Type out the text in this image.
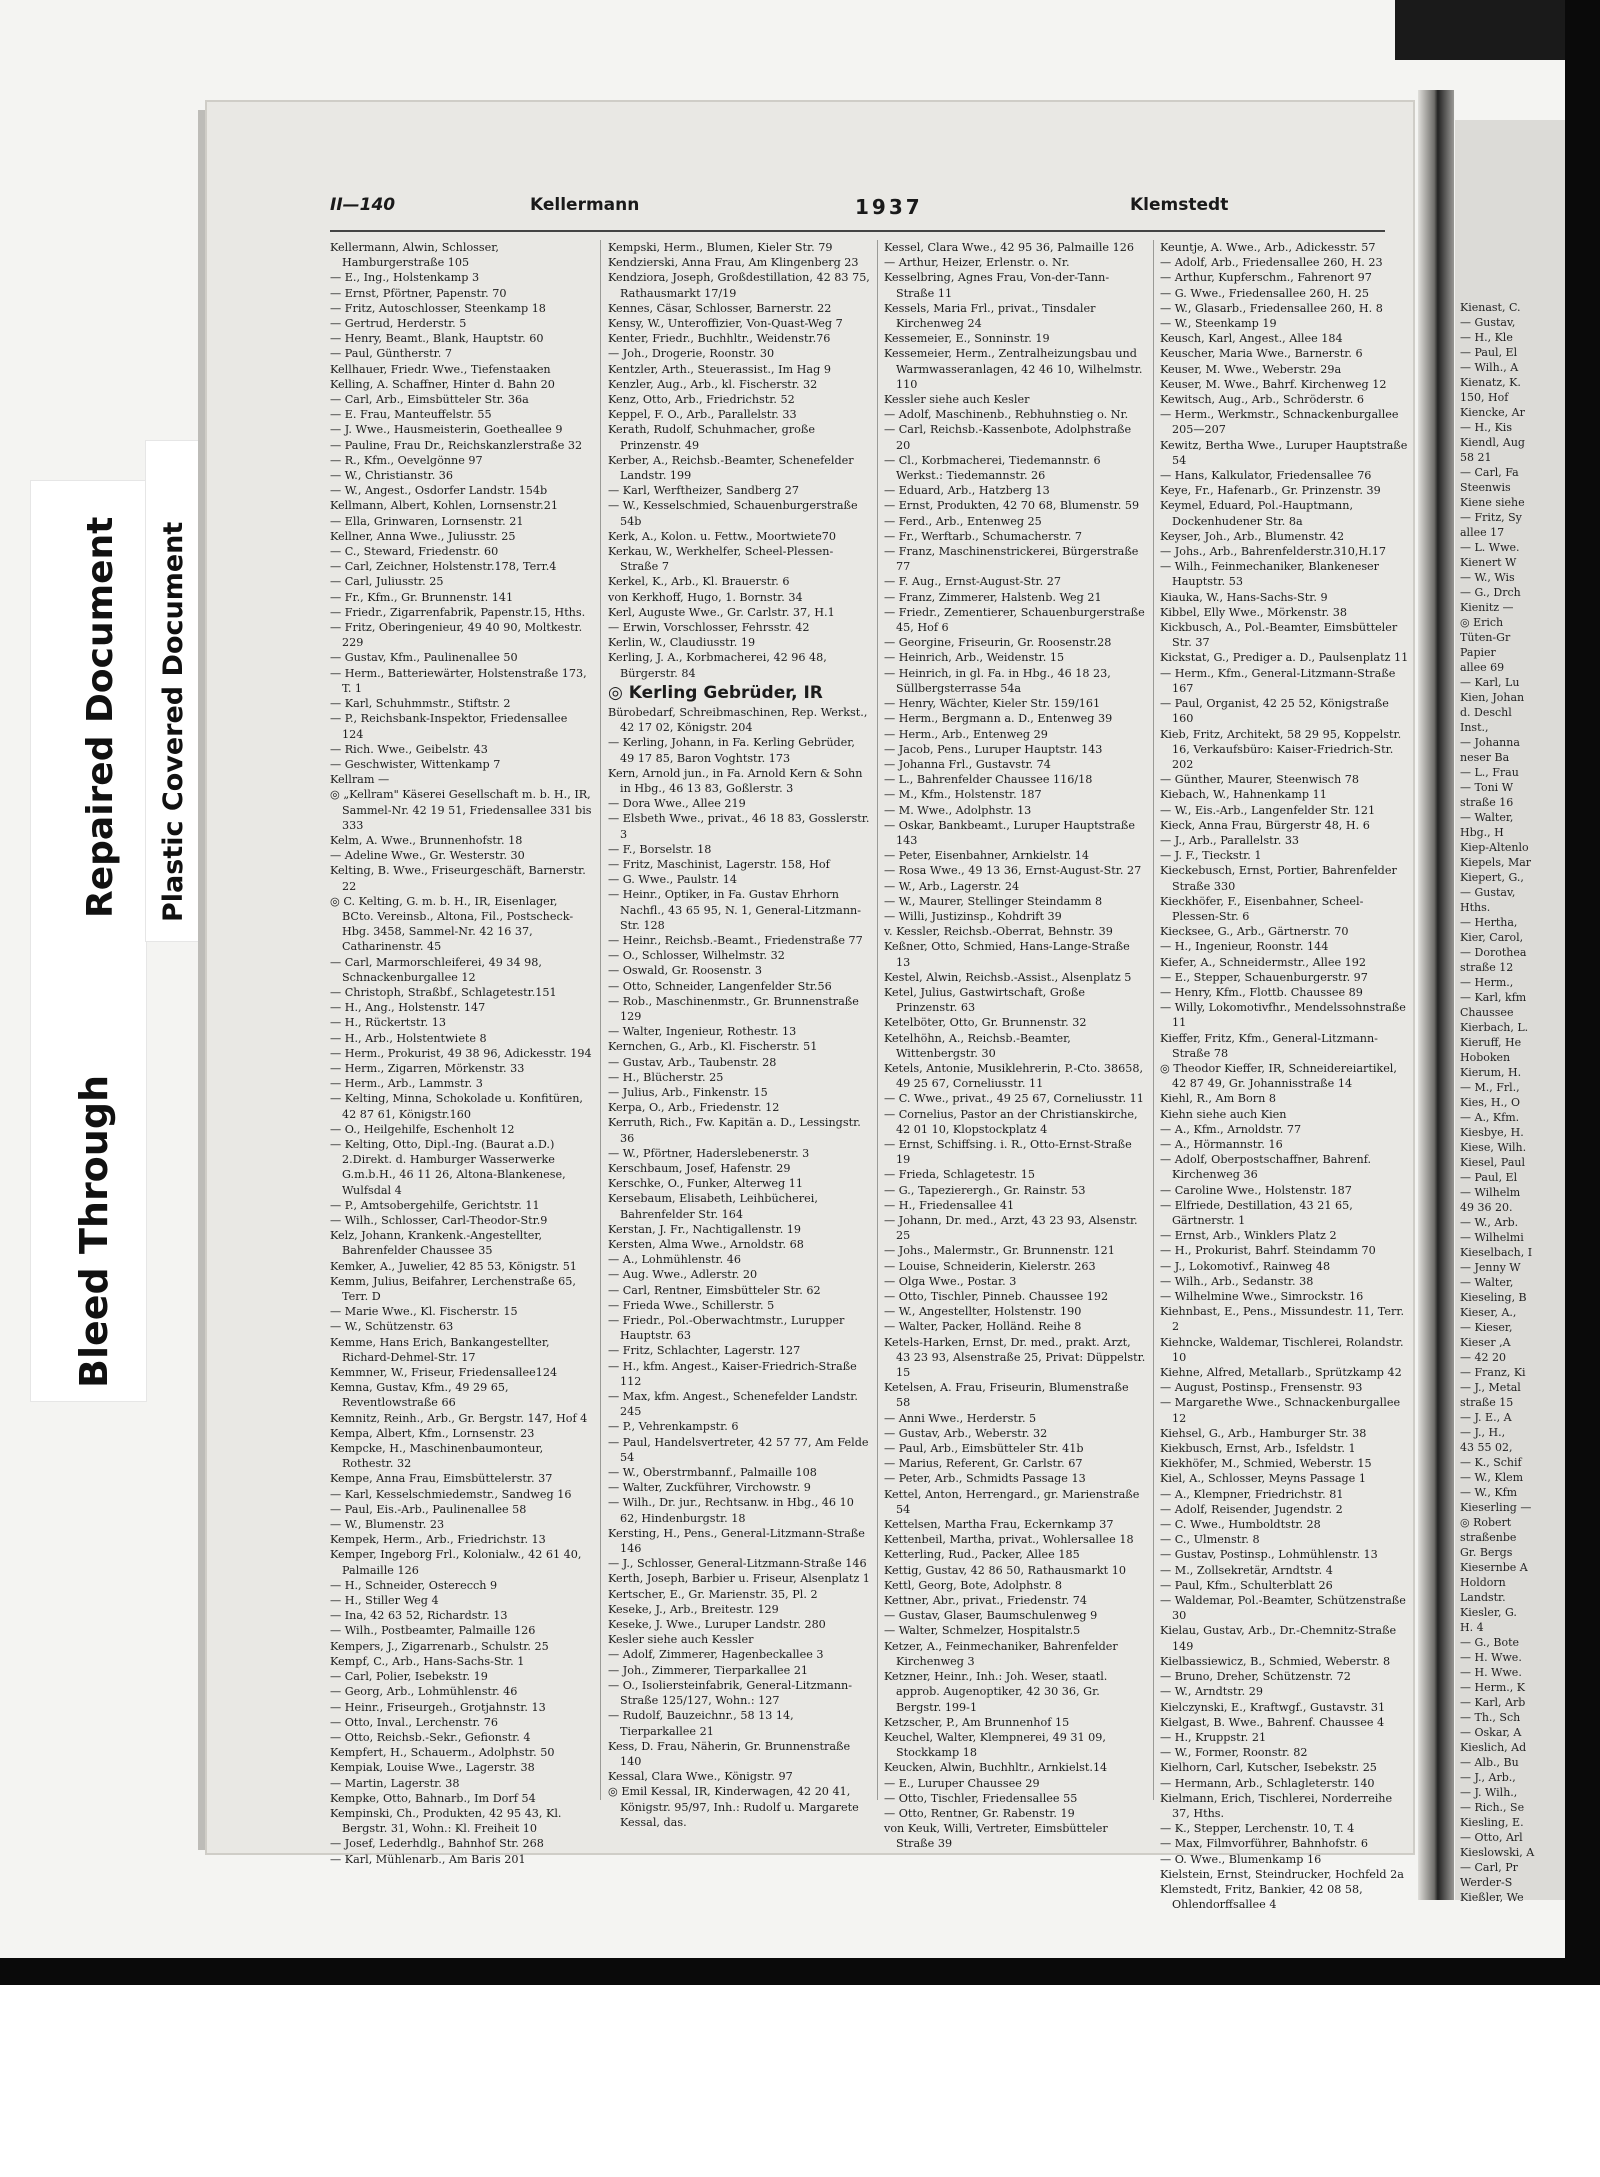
Repaired Document
Bleed Through
Plastic Covered Document
II—140	Kellermann	1937	Klemstedt

Kellermann, Alwin, Schlosser, Hamburgerstraße 105

— E., Ing., Holstenkamp 3

— Ernst, Pförtner, Papenstr. 70

— Fritz, Autoschlosser, Steenkamp 18

— Gertrud, Herderstr. 5

— Henry, Beamt., Blank, Hauptstr. 60

— Paul, Güntherstr. 7

Kellhauer, Friedr. Wwe., Tiefenstaaken

Kelling, A. Schaffner, Hinter d. Bahn 20

— Carl, Arb., Eimsbütteler Str. 36a

— E. Frau, Manteuffelstr. 55

— J. Wwe., Hausmeisterin, Goetheallee 9

— Pauline, Frau Dr., Reichskanzlerstraße 32

— R., Kfm., Oevelgönne 97

— W., Christianstr. 36

— W., Angest., Osdorfer Landstr. 154b

Kellmann, Albert, Kohlen, Lornsenstr.21

— Ella, Grinwaren, Lornsenstr. 21

Kellner, Anna Wwe., Juliusstr. 25

— C., Steward, Friedenstr. 60

— Carl, Zeichner, Holstenstr.178, Terr.4

— Carl, Juliusstr. 25

— Fr., Kfm., Gr. Brunnenstr. 141

— Friedr., Zigarrenfabrik, Papenstr.15, Hths.

— Fritz, Oberingenieur, 49 40 90, Moltkestr. 229

— Gustav, Kfm., Paulinenallee 50

— Herm., Batteriewärter, Holstenstraße 173, T. 1

— Karl, Schuhmmstr., Stiftstr. 2

— P., Reichsbank-Inspektor, Friedensallee 124

— Rich. Wwe., Geibelstr. 43

— Geschwister, Wittenkamp 7

Kellram —

◎ „Kellram" Käserei Gesellschaft m. b. H., IR, Sammel-Nr. 42 19 51, Friedensallee 331 bis 333

Kelm, A. Wwe., Brunnenhofstr. 18

— Adeline Wwe., Gr. Westerstr. 30

Kelting, B. Wwe., Friseurgeschäft, Barnerstr. 22

◎ C. Kelting, G. m. b. H., IR, Eisenlager, BCto. Vereinsb., Altona, Fil., Postscheck-Hbg. 3458, Sammel-Nr. 42 16 37, Catharinenstr. 45

— Carl, Marmorschleiferei, 49 34 98, Schnackenburgallee 12

— Christoph, Straßbf., Schlagetestr.151

— H., Ang., Holstenstr. 147

— H., Rückertstr. 13

— H., Arb., Holstentwiete 8

— Herm., Prokurist, 49 38 96, Adickesstr. 194

— Herm., Zigarren, Mörkenstr. 33

— Herm., Arb., Lammstr. 3

— Kelting, Minna, Schokolade u. Konfitüren, 42 87 61, Königstr.160

— O., Heilgehilfe, Eschenholt 12

— Kelting, Otto, Dipl.-Ing. (Baurat a.D.) 2.Direkt. d. Hamburger Wasserwerke G.m.b.H., 46 11 26, Altona-Blankenese, Wulfsdal 4

— P., Amtsobergehilfe, Gerichtstr. 11

— Wilh., Schlosser, Carl-Theodor-Str.9

Kelz, Johann, Krankenk.-Angestellter, Bahrenfelder Chaussee 35

Kemker, A., Juwelier, 42 85 53, Königstr. 51

Kemm, Julius, Beifahrer, Lerchenstraße 65, Terr. D

— Marie Wwe., Kl. Fischerstr. 15

— W., Schützenstr. 63

Kemme, Hans Erich, Bankangestellter, Richard-Dehmel-Str. 17

Kemmner, W., Friseur, Friedensallee124

Kemna, Gustav, Kfm., 49 29 65, Reventlowstraße 66

Kemnitz, Reinh., Arb., Gr. Bergstr. 147, Hof 4

Kempa, Albert, Kfm., Lornsenstr. 23

Kempcke, H., Maschinenbaumonteur, Rothestr. 32

Kempe, Anna Frau, Eimsbüttelerstr. 37

— Karl, Kesselschmiedemstr., Sandweg 16

— Paul, Eis.-Arb., Paulinenallee 58

— W., Blumenstr. 23

Kempek, Herm., Arb., Friedrichstr. 13

Kemper, Ingeborg Frl., Kolonialw., 42 61 40, Palmaille 126

— H., Schneider, Osterecch 9

— H., Stiller Weg 4

— Ina, 42 63 52, Richardstr. 13

— Wilh., Postbeamter, Palmaille 126

Kempers, J., Zigarrenarb., Schulstr. 25

Kempf, C., Arb., Hans-Sachs-Str. 1

— Carl, Polier, Isebekstr. 19

— Georg, Arb., Lohmühlenstr. 46

— Heinr., Friseurgeh., Grotjahnstr. 13

— Otto, Inval., Lerchenstr. 76

— Otto, Reichsb.-Sekr., Gefionstr. 4

Kempfert, H., Schauerm., Adolphstr. 50

Kempiak, Louise Wwe., Lagerstr. 38

— Martin, Lagerstr. 38

Kempke, Otto, Bahnarb., Im Dorf 54

Kempinski, Ch., Produkten, 42 95 43, Kl. Bergstr. 31, Wohn.: Kl. Freiheit 10

— Josef, Lederhdlg., Bahnhof Str. 268

— Karl, Mühlenarb., Am Baris 201

Kempski, Herm., Blumen, Kieler Str. 79

Kendzierski, Anna Frau, Am Klingenberg 23

Kendziora, Joseph, Großdestillation, 42 83 75, Rathausmarkt 17/19

Kennes, Cäsar, Schlosser, Barnerstr. 22

Kensy, W., Unteroffizier, Von-Quast-Weg 7

Kenter, Friedr., Buchhltr., Weidenstr.76

— Joh., Drogerie, Roonstr. 30

Kentzler, Arth., Steuerassist., Im Hag 9

Kenzler, Aug., Arb., kl. Fischerstr. 32

Kenz, Otto, Arb., Friedrichstr. 52

Keppel, F. O., Arb., Parallelstr. 33

Kerath, Rudolf, Schuhmacher, große Prinzenstr. 49

Kerber, A., Reichsb.-Beamter, Schenefelder Landstr. 199

— Karl, Werftheizer, Sandberg 27

— W., Kesselschmied, Schauenburgerstraße 54b

Kerk, A., Kolon. u. Fettw., Moortwiete70

Kerkau, W., Werkhelfer, Scheel-Plessen-Straße 7

Kerkel, K., Arb., Kl. Brauerstr. 6

von Kerkhoff, Hugo, 1. Bornstr. 34

Kerl, Auguste Wwe., Gr. Carlstr. 37, H.1

— Erwin, Vorschlosser, Fehrsstr. 42

Kerlin, W., Claudiusstr. 19

Kerling, J. A., Korbmacherei, 42 96 48, Bürgerstr. 84

◎ Kerling Gebrüder, IR

Bürobedarf, Schreibmaschinen, Rep. Werkst., 42 17 02, Königstr. 204

— Kerling, Johann, in Fa. Kerling Gebrüder, 49 17 85, Baron Voghtstr. 173

Kern, Arnold jun., in Fa. Arnold Kern & Sohn in Hbg., 46 13 83, Goßlerstr. 3

— Dora Wwe., Allee 219

— Elsbeth Wwe., privat., 46 18 83, Gosslerstr. 3

— F., Borselstr. 18

— Fritz, Maschinist, Lagerstr. 158, Hof

— G. Wwe., Paulstr. 14

— Heinr., Optiker, in Fa. Gustav Ehrhorn Nachfl., 43 65 95, N. 1, General-Litzmann-Str. 128

— Heinr., Reichsb.-Beamt., Friedenstraße 77

— O., Schlosser, Wilhelmstr. 32

— Oswald, Gr. Roosenstr. 3

— Otto, Schneider, Langenfelder Str.56

— Rob., Maschinenmstr., Gr. Brunnenstraße 129

— Walter, Ingenieur, Rothestr. 13

Kernchen, G., Arb., Kl. Fischerstr. 51

— Gustav, Arb., Taubenstr. 28

— H., Blücherstr. 25

— Julius, Arb., Finkenstr. 15

Kerpa, O., Arb., Friedenstr. 12

Kerruth, Rich., Fw. Kapitän a. D., Lessingstr. 36

— W., Pförtner, Haderslebenerstr. 3

Kerschbaum, Josef, Hafenstr. 29

Kerschke, O., Funker, Alterweg 11

Kersebaum, Elisabeth, Leihbücherei, Bahrenfelder Str. 164

Kerstan, J. Fr., Nachtigallenstr. 19

Kersten, Alma Wwe., Arnoldstr. 68

— A., Lohmühlenstr. 46

— Aug. Wwe., Adlerstr. 20

— Carl, Rentner, Eimsbütteler Str. 62

— Frieda Wwe., Schillerstr. 5

— Friedr., Pol.-Oberwachtmstr., Lurupper Hauptstr. 63

— Fritz, Schlachter, Lagerstr. 127

— H., kfm. Angest., Kaiser-Friedrich-Straße 112

— Max, kfm. Angest., Schenefelder Landstr. 245

— P., Vehrenkampstr. 6

— Paul, Handelsvertreter, 42 57 77, Am Felde 54

— W., Oberstrmbannf., Palmaille 108

— Walter, Zuckführer, Virchowstr. 9

— Wilh., Dr. jur., Rechtsanw. in Hbg., 46 10 62, Hindenburgstr. 18

Kersting, H., Pens., General-Litzmann-Straße 146

— J., Schlosser, General-Litzmann-Straße 146

Kerth, Joseph, Barbier u. Friseur, Alsenplatz 1

Kertscher, E., Gr. Marienstr. 35, Pl. 2

Keseke, J., Arb., Breitestr. 129

Keseke, J. Wwe., Luruper Landstr. 280

Kesler siehe auch Kessler

— Adolf, Zimmerer, Hagenbeckallee 3

— Joh., Zimmerer, Tierparkallee 21

— O., Isoliersteinfabrik, General-Litzmann-Straße 125/127, Wohn.: 127

— Rudolf, Bauzeichnr., 58 13 14, Tierparkallee 21

Kess, D. Frau, Näherin, Gr. Brunnenstraße 140

Kessal, Clara Wwe., Königstr. 97

◎ Emil Kessal, IR, Kinderwagen, 42 20 41, Königstr. 95/97, Inh.: Rudolf u. Margarete Kessal, das.

Kessel, Clara Wwe., 42 95 36, Palmaille 126

— Arthur, Heizer, Erlenstr. o. Nr.

Kesselbring, Agnes Frau, Von-der-Tann-Straße 11

Kessels, Maria Frl., privat., Tinsdaler Kirchenweg 24

Kessemeier, E., Sonninstr. 19

Kessemeier, Herm., Zentralheizungsbau und Warmwasseranlagen, 42 46 10, Wilhelmstr. 110

Kessler siehe auch Kesler

— Adolf, Maschinenb., Rebhuhnstieg o. Nr.

— Carl, Reichsb.-Kassenbote, Adolphstraße 20

— Cl., Korbmacherei, Tiedemannstr. 6 Werkst.: Tiedemannstr. 26

— Eduard, Arb., Hatzberg 13

— Ernst, Produkten, 42 70 68, Blumenstr. 59

— Ferd., Arb., Entenweg 25

— Fr., Werftarb., Schumacherstr. 7

— Franz, Maschinenstrickerei, Bürgerstraße 77

— F. Aug., Ernst-August-Str. 27

— Franz, Zimmerer, Halstenb. Weg 21

— Friedr., Zementierer, Schauenburgerstraße 45, Hof 6

— Georgine, Friseurin, Gr. Roosenstr.28

— Heinrich, Arb., Weidenstr. 15

— Heinrich, in gl. Fa. in Hbg., 46 18 23, Süllbergsterrasse 54a

— Henry, Wächter, Kieler Str. 159/161

— Herm., Bergmann a. D., Entenweg 39

— Herm., Arb., Entenweg 29

— Jacob, Pens., Luruper Hauptstr. 143

— Johanna Frl., Gustavstr. 74

— L., Bahrenfelder Chaussee 116/18

— M., Kfm., Holstenstr. 187

— M. Wwe., Adolphstr. 13

— Oskar, Bankbeamt., Luruper Hauptstraße 143

— Peter, Eisenbahner, Arnkielstr. 14

— Rosa Wwe., 49 13 36, Ernst-August-Str. 27

— W., Arb., Lagerstr. 24

— W., Maurer, Stellinger Steindamm 8

— Willi, Justizinsp., Kohdrift 39

v. Kessler, Reichsb.-Oberrat, Behnstr. 39

Keßner, Otto, Schmied, Hans-Lange-Straße 13

Kestel, Alwin, Reichsb.-Assist., Alsenplatz 5

Ketel, Julius, Gastwirtschaft, Große Prinzenstr. 63

Ketelböter, Otto, Gr. Brunnenstr. 32

Ketelhöhn, A., Reichsb.-Beamter, Wittenbergstr. 30

Ketels, Antonie, Musiklehrerin, P.-Cto. 38658, 49 25 67, Corneliusstr. 11

— C. Wwe., privat., 49 25 67, Corneliusstr. 11

— Cornelius, Pastor an der Christianskirche, 42 01 10, Klopstockplatz 4

— Ernst, Schiffsing. i. R., Otto-Ernst-Straße 19

— Frieda, Schlagetestr. 15

— G., Tapezierergh., Gr. Rainstr. 53

— H., Friedensallee 41

— Johann, Dr. med., Arzt, 43 23 93, Alsenstr. 25

— Johs., Malermstr., Gr. Brunnenstr. 121

— Louise, Schneiderin, Kielerstr. 263

— Olga Wwe., Postar. 3

— Otto, Tischler, Pinneb. Chaussee 192

— W., Angestellter, Holstenstr. 190

— Walter, Packer, Holländ. Reihe 8

Ketels-Harken, Ernst, Dr. med., prakt. Arzt, 43 23 93, Alsenstraße 25, Privat: Düppelstr. 15

Ketelsen, A. Frau, Friseurin, Blumenstraße 58

— Anni Wwe., Herderstr. 5

— Gustav, Arb., Weberstr. 32

— Paul, Arb., Eimsbütteler Str. 41b

— Marius, Referent, Gr. Carlstr. 67

— Peter, Arb., Schmidts Passage 13

Kettel, Anton, Herrengard., gr. Marienstraße 54

Kettelsen, Martha Frau, Eckernkamp 37

Kettenbeil, Martha, privat., Wohlersallee 18

Ketterling, Rud., Packer, Allee 185

Kettig, Gustav, 42 86 50, Rathausmarkt 10

Kettl, Georg, Bote, Adolphstr. 8

Kettner, Abr., privat., Friedenstr. 74

— Gustav, Glaser, Baumschulenweg 9

— Walter, Schmelzer, Hospitalstr.5

Ketzer, A., Feinmechaniker, Bahrenfelder Kirchenweg 3

Ketzner, Heinr., Inh.: Joh. Weser, staatl. approb. Augenoptiker, 42 30 36, Gr. Bergstr. 199-1

Ketzscher, P., Am Brunnenhof 15

Keuchel, Walter, Klempnerei, 49 31 09, Stockkamp 18

Keucken, Alwin, Buchhltr., Arnkielst.14

— E., Luruper Chaussee 29

— Otto, Tischler, Friedensallee 55

— Otto, Rentner, Gr. Rabenstr. 19

von Keuk, Willi, Vertreter, Eimsbütteler Straße 39

Keuntje, A. Wwe., Arb., Adickesstr. 57

— Adolf, Arb., Friedensallee 260, H. 23

— Arthur, Kupferschm., Fahrenort 97

— G. Wwe., Friedensallee 260, H. 25

— W., Glasarb., Friedensallee 260, H. 8

— W., Steenkamp 19

Keusch, Karl, Angest., Allee 184

Keuscher, Maria Wwe., Barnerstr. 6

Keuser, M. Wwe., Weberstr. 29a

Keuser, M. Wwe., Bahrf. Kirchenweg 12

Kewitsch, Aug., Arb., Schröderstr. 6

— Herm., Werkmstr., Schnackenburgallee 205—207

Kewitz, Bertha Wwe., Luruper Hauptstraße 54

— Hans, Kalkulator, Friedensallee 76

Keye, Fr., Hafenarb., Gr. Prinzenstr. 39

Keymel, Eduard, Pol.-Hauptmann, Dockenhudener Str. 8a

Keyser, Joh., Arb., Blumenstr. 42

— Johs., Arb., Bahrenfelderstr.310,H.17

— Wilh., Feinmechaniker, Blankeneser Hauptstr. 53

Kiauka, W., Hans-Sachs-Str. 9

Kibbel, Elly Wwe., Mörkenstr. 38

Kickbusch, A., Pol.-Beamter, Eimsbütteler Str. 37

Kickstat, G., Prediger a. D., Paulsenplatz 11

— Herm., Kfm., General-Litzmann-Straße 167

— Paul, Organist, 42 25 52, Königstraße 160

Kieb, Fritz, Architekt, 58 29 95, Koppelstr. 16, Verkaufsbüro: Kaiser-Friedrich-Str. 202

— Günther, Maurer, Steenwisch 78

Kiebach, W., Hahnenkamp 11

— W., Eis.-Arb., Langenfelder Str. 121

Kieck, Anna Frau, Bürgerstr 48, H. 6

— J., Arb., Parallelstr. 33

— J. F., Tieckstr. 1

Kieckebusch, Ernst, Portier, Bahrenfelder Straße 330

Kieckhöfer, F., Eisenbahner, Scheel-Plessen-Str. 6

Kiecksee, G., Arb., Gärtnerstr. 70

— H., Ingenieur, Roonstr. 144

Kiefer, A., Schneidermstr., Allee 192

— E., Stepper, Schauenburgerstr. 97

— Henry, Kfm., Flottb. Chaussee 89

— Willy, Lokomotivfhr., Mendelssohnstraße 11

Kieffer, Fritz, Kfm., General-Litzmann-Straße 78

◎ Theodor Kieffer, IR, Schneidereiartikel, 42 87 49, Gr. Johannisstraße 14

Kiehl, R., Am Born 8

Kiehn siehe auch Kien

— A., Kfm., Arnoldstr. 77

— A., Hörmannstr. 16

— Adolf, Oberpostschaffner, Bahrenf. Kirchenweg 36

— Caroline Wwe., Holstenstr. 187

— Elfriede, Destillation, 43 21 65, Gärtnerstr. 1

— Ernst, Arb., Winklers Platz 2

— H., Prokurist, Bahrf. Steindamm 70

— J., Lokomotivf., Rainweg 48

— Wilh., Arb., Sedanstr. 38

— Wilhelmine Wwe., Simrockstr. 16

Kiehnbast, E., Pens., Missundestr. 11, Terr. 2

Kiehncke, Waldemar, Tischlerei, Rolandstr. 10

Kiehne, Alfred, Metallarb., Sprützkamp 42

— August, Postinsp., Frensenstr. 93

— Margarethe Wwe., Schnackenburgallee 12

Kiehsel, G., Arb., Hamburger Str. 38

Kiekbusch, Ernst, Arb., Isfeldstr. 1

Kiekhöfer, M., Schmied, Weberstr. 15

Kiel, A., Schlosser, Meyns Passage 1

— A., Klempner, Friedrichstr. 81

— Adolf, Reisender, Jugendstr. 2

— C. Wwe., Humboldtstr. 28

— C., Ulmenstr. 8

— Gustav, Postinsp., Lohmühlenstr. 13

— M., Zollsekretär, Arndtstr. 4

— Paul, Kfm., Schulterblatt 26

— Waldemar, Pol.-Beamter, Schützenstraße 30

Kielau, Gustav, Arb., Dr.-Chemnitz-Straße 149

Kielbassiewicz, B., Schmied, Weberstr. 8

— Bruno, Dreher, Schützenstr. 72

— W., Arndtstr. 29

Kielczynski, E., Kraftwgf., Gustavstr. 31

Kielgast, B. Wwe., Bahrenf. Chaussee 4

— H., Kruppstr. 21

— W., Former, Roonstr. 82

Kielhorn, Carl, Kutscher, Isebekstr. 25

— Hermann, Arb., Schlagleterstr. 140

Kielmann, Erich, Tischlerei, Norderreihe 37, Hths.

— K., Stepper, Lerchenstr. 10, T. 4

— Max, Filmvorführer, Bahnhofstr. 6

— O. Wwe., Blumenkamp 16

Kielstein, Ernst, Steindrucker, Hochfeld 2a

Klemstedt, Fritz, Bankier, 42 08 58, Ohlendorffsallee 4

Kienast, C.
— Gustav,
— H., Kle
— Paul, El
— Wilh., A
Kienatz, K.
150, Hof
Kiencke, Ar
— H., Kis
Kiendl, Aug
58 21
— Carl, Fa
Steenwis
Kiene siehe
— Fritz, Sy
allee 17
— L. Wwe.
Kienert W
— W., Wis
— G., Drch
Kienitz —
◎ Erich
Tüten-Gr
Papier
allee 69
— Karl, Lu
Kien, Johan
d. Deschl
Inst.,
— Johanna
neser Ba
— L., Frau
— Toni W
straße 16
— Walter,
Hbg., H
Kiep-Altenlo
Kiepels, Mar
Kiepert, G.,
— Gustav,
Hths.
— Hertha,
Kier, Carol,
— Dorothea
straße 12
— Herm.,
— Karl, kfm
Chaussee
Kierbach, L.
Kieruff, He
Hoboken
Kierum, H.
— M., Frl.,
Kies, H., O
— A., Kfm.
Kiesbye, H.
Kiese, Wilh.
Kiesel, Paul
— Paul, El
— Wilhelm
49 36 20.
— W., Arb.
— Wilhelmi
Kieselbach, I
— Jenny W
— Walter,
Kieseling, B
Kieser, A.,
— Kieser,
Kieser ,A
— 42 20
— Franz, Ki
— J., Metal
straße 15
— J. E., A
— J., H.,
43 55 02,
— K., Schif
— W., Klem
— W., Kfm
Kieserling —
◎ Robert
straßenbe
Gr. Bergs
Kiesernbe A
Holdorn
Landstr.
Kiesler, G.
H. 4
— G., Bote
— H. Wwe.
— H. Wwe.
— Herm., K
— Karl, Arb
— Th., Sch
— Oskar, A
Kieslich, Ad
— Alb., Bu
— J., Arb.,
— J. Wilh.,
— Rich., Se
Kiesling, E.
— Otto, Arl
Kieslowski, A
— Carl, Pr
Werder-S
Kießler, We
